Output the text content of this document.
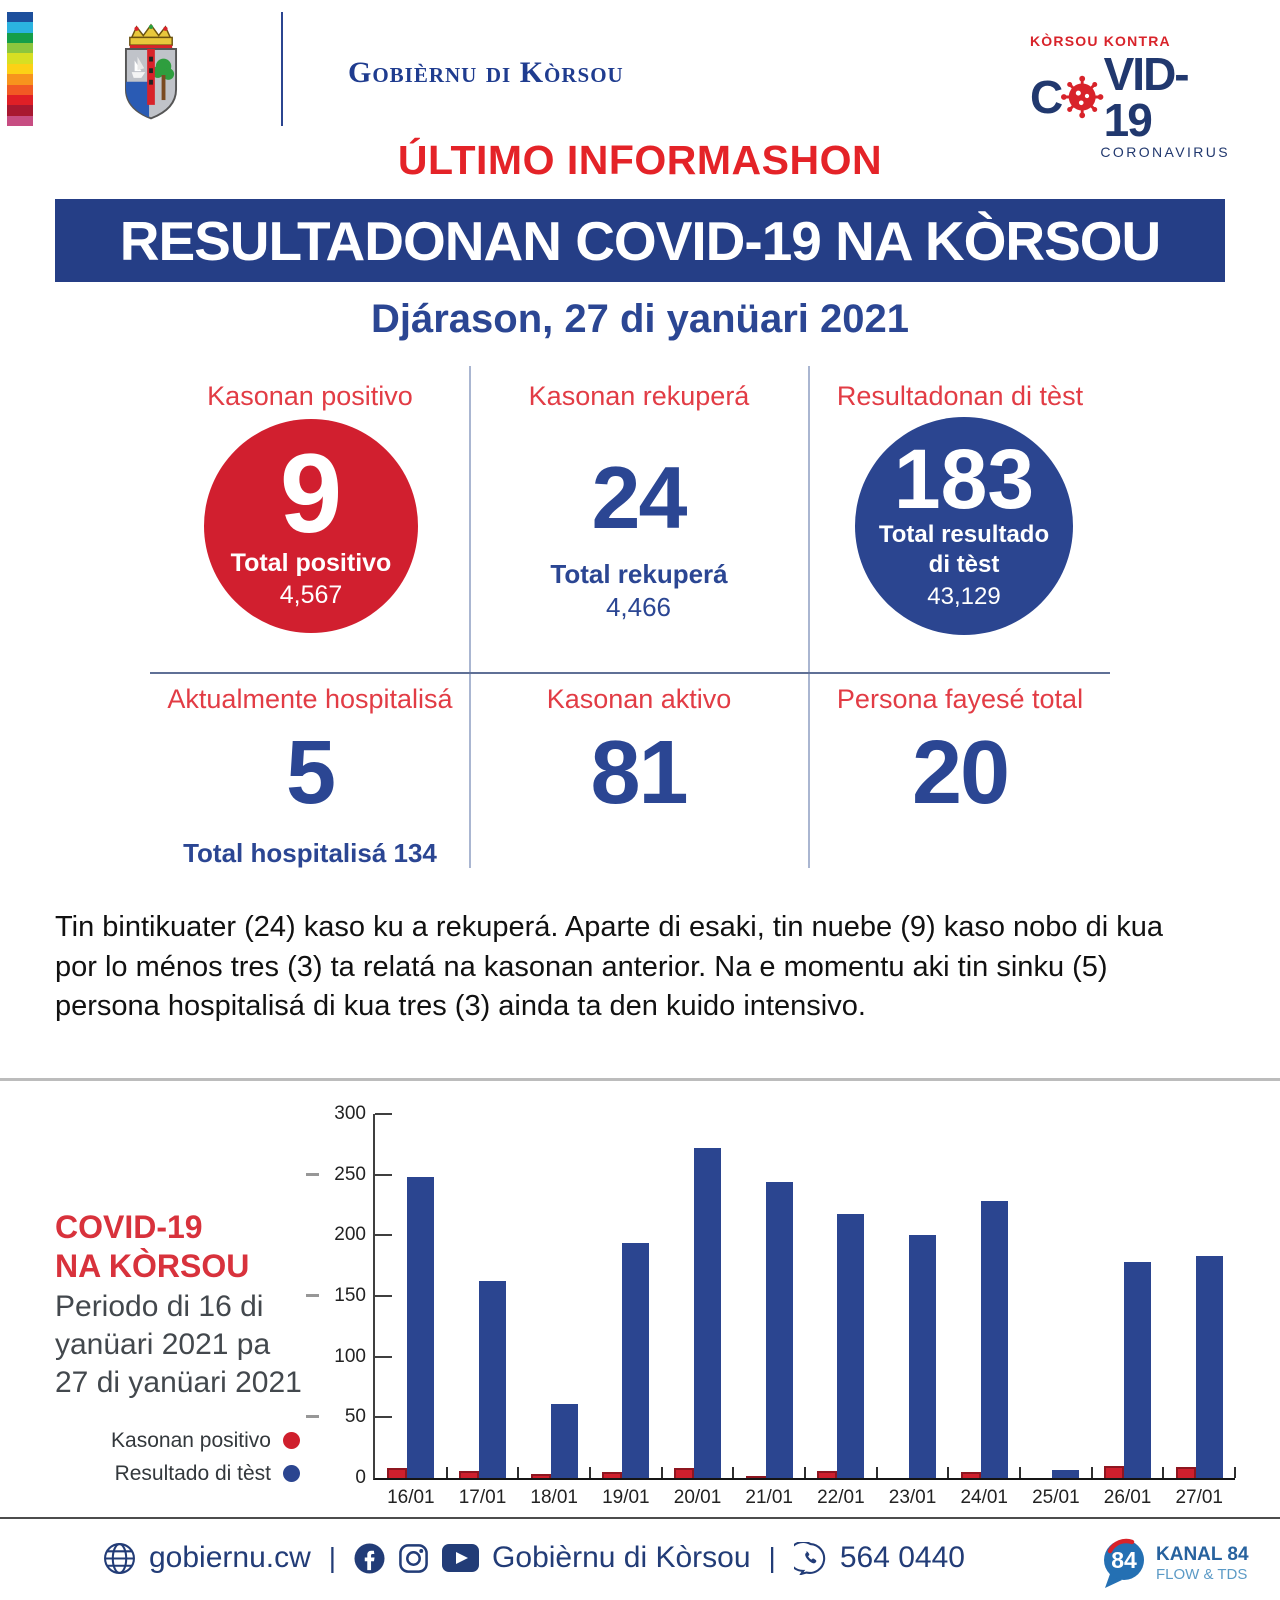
Gobièrnu di Kòrsou
KÒRSOU KONTRA
C VID-19
CORONAVIRUS
ÚLTIMO INFORMASHON
RESULTADONAN COVID-19 NA KÒRSOU
Djárason, 27 di yanüari 2021
Kasonan positivo
9
Total positivo
4,567
Kasonan rekuperá
24
Total rekuperá
4,466
Resultadonan di tèst
183
Total resultado
di tèst
43,129
Aktualmente hospitalisá
5
Total hospitalisá 134
Kasonan aktivo
81
Persona fayesé total
20
Tin bintikuater (24) kaso ku a rekuperá. Aparte di esaki, tin nuebe (9) kaso nobo di kua por lo ménos tres (3) ta relatá na kasonan anterior. Na e momentu aki tin sinku (5) persona hospitalisá di kua tres (3) ainda ta den kuido intensivo.
COVID-19
NA KÒRSOU
Periodo di 16 di
yanüari 2021 pa
27 di yanüari 2021
Kasonan positivo
Resultado di tèst
16/01	17/01	18/01	19/01	20/01	21/01	22/01	23/01	24/01	25/01	26/01	27/01
0
50
100
150
200
250
300
gobiernu.cw |	Gobièrnu di Kòrsou | 564 0440	84 KANAL 84
FLOW & TDS
